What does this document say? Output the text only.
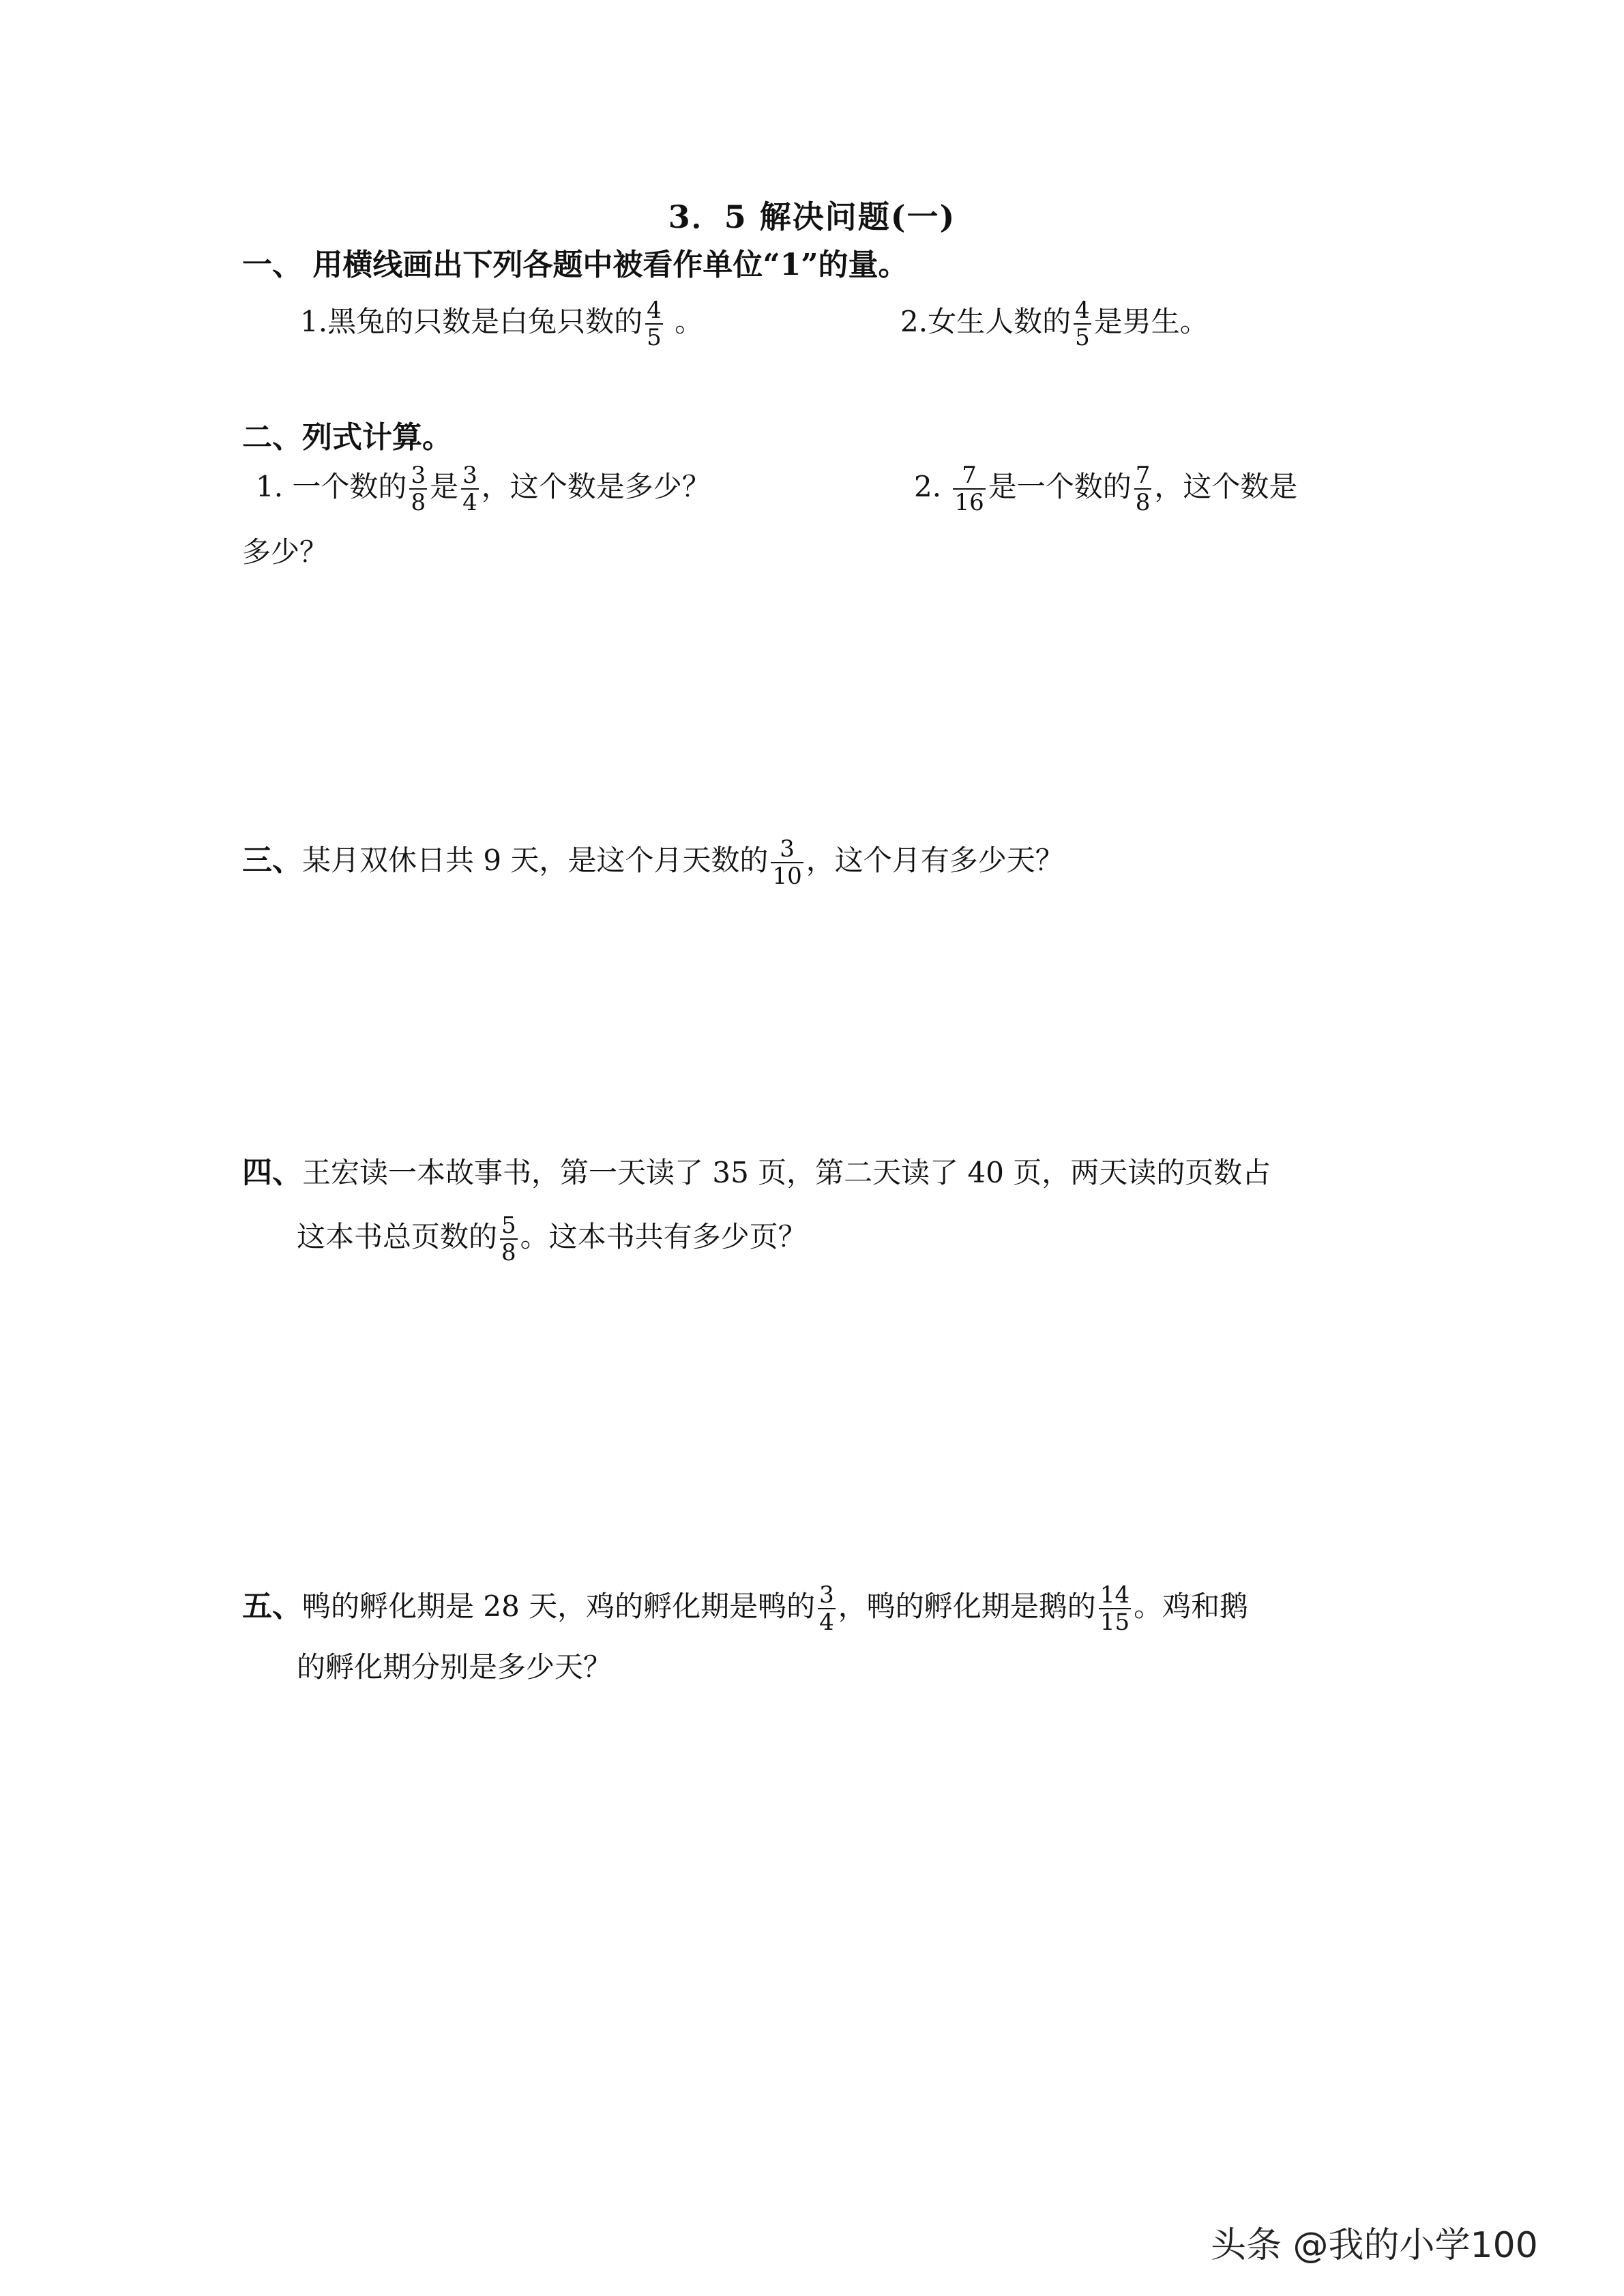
3．5 解决问题(一)
一、 用横线画出下列各题中被看作单位“1”的量。
1.黑兔的只数是白兔只数的 $\frac{4}{5}$ 。	2.女生人数的 $\frac{4}{5}$ 是男生。
二、列式计算。
1. 一个数的 $\frac{3}{8}$ 是 $\frac{3}{4}$ ，这个数是多少？	2. $\frac{7}{16}$ 是一个数的 $\frac{7}{8}$ ，这个数是
多少？
三、某月双休日共 9 天，是这个月天数的 $\frac{3}{10}$ ，这个月有多少天？
四、王宏读一本故事书，第一天读了 35 页，第二天读了 40 页，两天读的页数占
这本书总页数的 $\frac{5}{8}$ 。这本书共有多少页？
五、鸭的孵化期是 28 天，鸡的孵化期是鸭的 $\frac{3}{4}$ ，鸭的孵化期是鹅的 $\frac{14}{15}$ 。鸡和鹅
的孵化期分别是多少天？
头条 @我的小学100
